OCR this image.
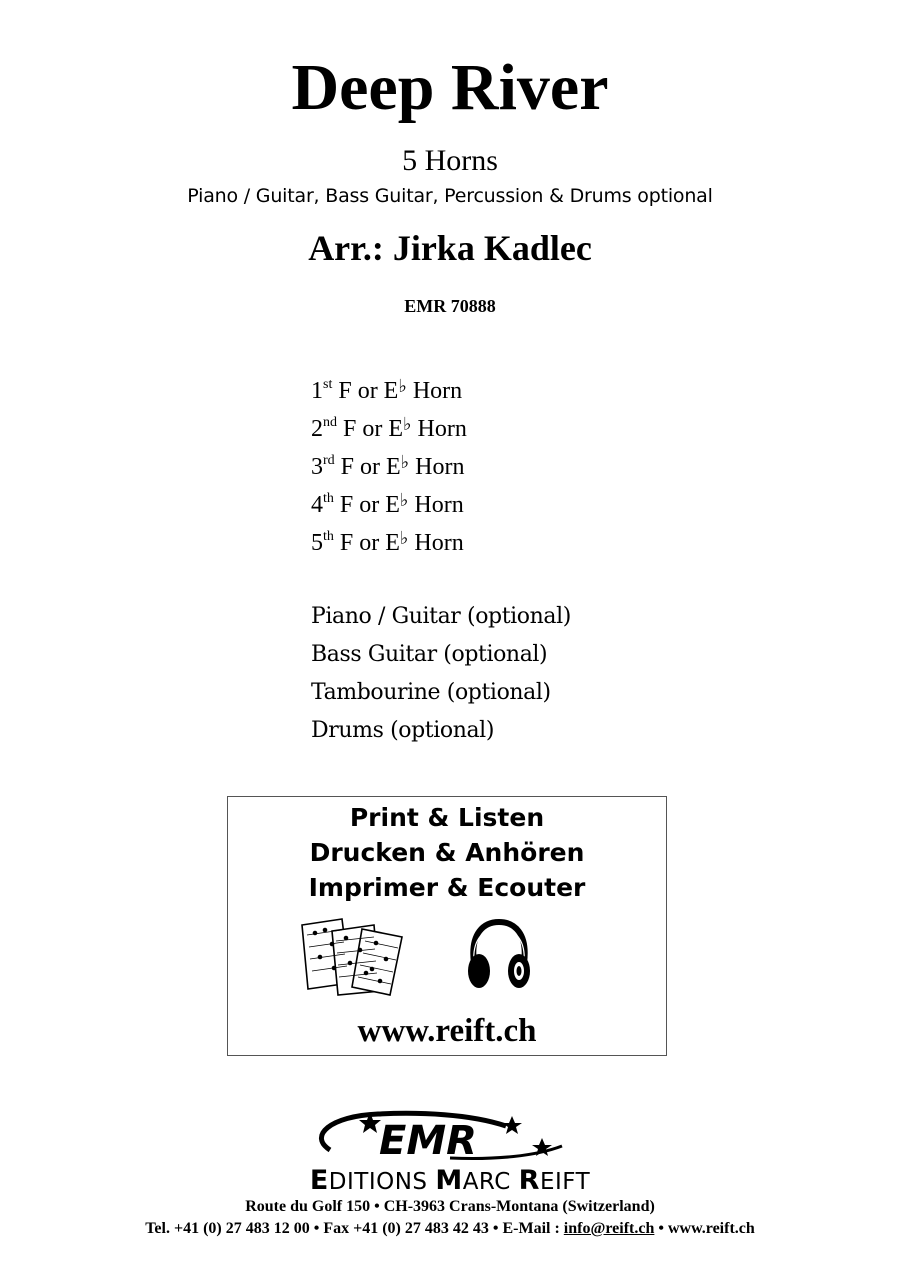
Deep River
5 Horns
Piano / Guitar, Bass Guitar, Percussion & Drums optional
Arr.: Jirka Kadlec
EMR 70888
1st F or E♭ Horn
2nd F or E♭ Horn
3rd F or E♭ Horn
4th F or E♭ Horn
5th F or E♭ Horn
Piano / Guitar (optional)
Bass Guitar (optional)
Tambourine (optional)
Drums (optional)
Print & Listen
Drucken & Anhören
Imprimer & Ecouter
www.reift.ch
EMR
EDITIONS MARC REIFT
Route du Golf 150 • CH-3963 Crans-Montana (Switzerland)
Tel. +41 (0) 27 483 12 00 • Fax +41 (0) 27 483 42 43 • E-Mail : info@reift.ch • www.reift.ch
